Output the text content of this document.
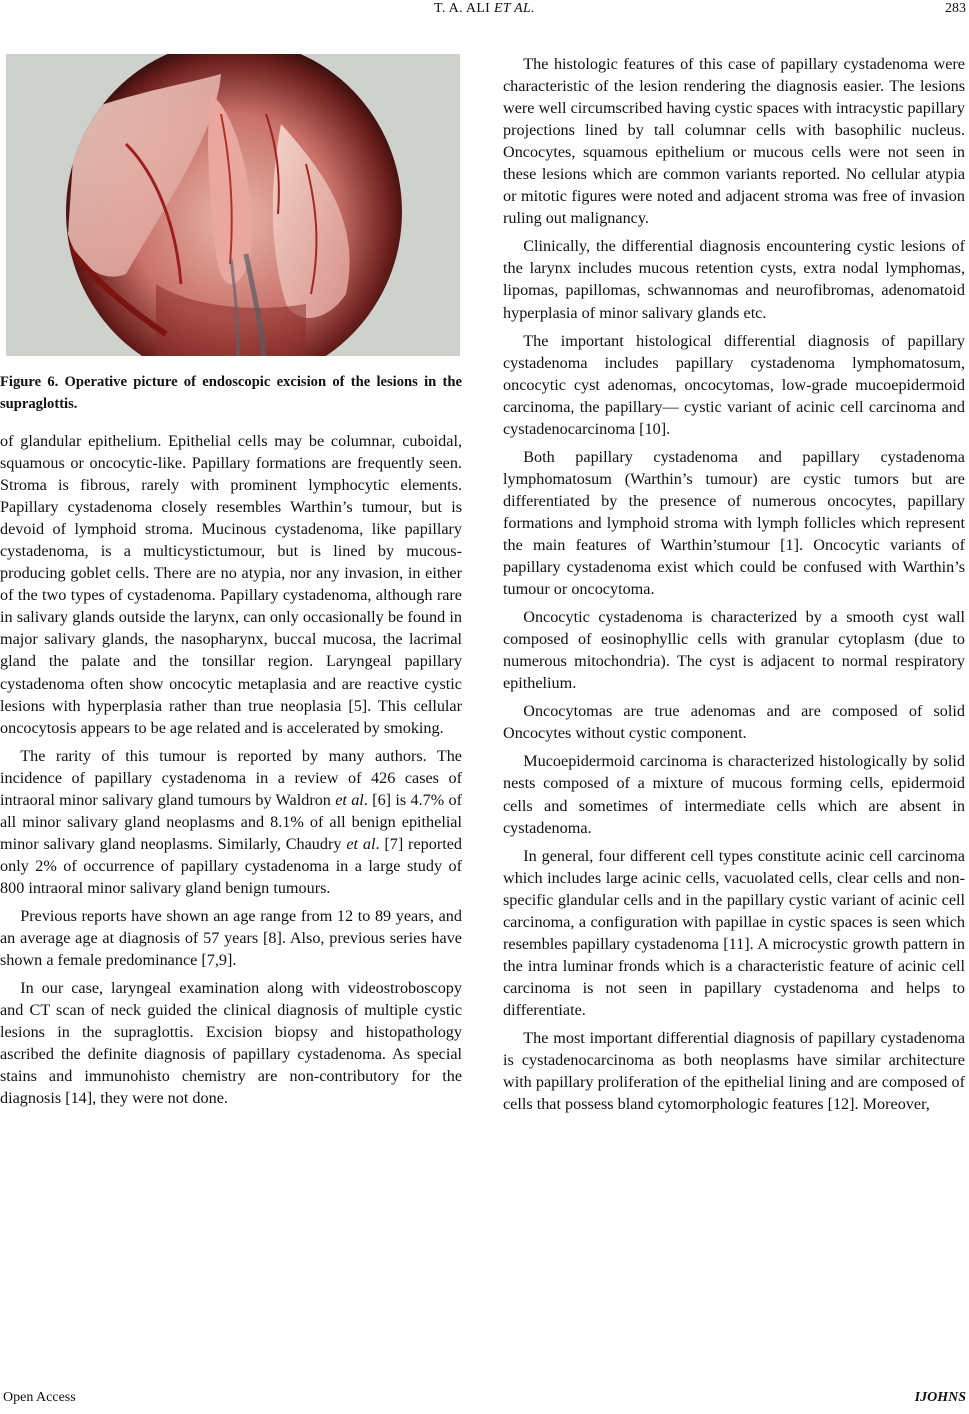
T. A. ALI ET AL.	283
Figure 6. Operative picture of endoscopic excision of the lesions in the supraglottis.

of glandular epithelium. Epithelial cells may be columnar, cuboidal, squamous or oncocytic-like. Papillary formations are frequently seen. Stroma is fibrous, rarely with prominent lymphocytic elements. Papillary cystadenoma closely resembles Warthin’s tumour, but is devoid of lymphoid stroma. Mucinous cystadenoma, like papillary cystadenoma, is a multicystictumour, but is lined by mucous-producing goblet cells. There are no atypia, nor any invasion, in either of the two types of cystadenoma. Papillary cystadenoma, although rare in salivary glands outside the larynx, can only occasionally be found in major salivary glands, the nasopharynx, buccal mucosa, the lacrimal gland the palate and the tonsillar region. Laryngeal papillary cystadenoma often show oncocytic metaplasia and are reactive cystic lesions with hyperplasia rather than true neoplasia [5]. This cellular oncocytosis appears to be age related and is accelerated by smoking.

The rarity of this tumour is reported by many authors. The incidence of papillary cystadenoma in a review of 426 cases of intraoral minor salivary gland tumours by Waldron et al. [6] is 4.7% of all minor salivary gland neoplasms and 8.1% of all benign epithelial minor salivary gland neoplasms. Similarly, Chaudry et al. [7] reported only 2% of occurrence of papillary cystadenoma in a large study of 800 intraoral minor salivary gland benign tumours.

Previous reports have shown an age range from 12 to 89 years, and an average age at diagnosis of 57 years [8]. Also, previous series have shown a female predominance [7,9].

In our case, laryngeal examination along with videostroboscopy and CT scan of neck guided the clinical diagnosis of multiple cystic lesions in the supraglottis. Excision biopsy and histopathology ascribed the definite diagnosis of papillary cystadenoma. As special stains and immunohisto chemistry are non-contributory for the diagnosis [14], they were not done.

The histologic features of this case of papillary cystadenoma were characteristic of the lesion rendering the diagnosis easier. The lesions were well circumscribed having cystic spaces with intracystic papillary projections lined by tall columnar cells with basophilic nucleus. Oncocytes, squamous epithelium or mucous cells were not seen in these lesions which are common variants reported. No cellular atypia or mitotic figures were noted and adjacent stroma was free of invasion ruling out malignancy.

Clinically, the differential diagnosis encountering cystic lesions of the larynx includes mucous retention cysts, extra nodal lymphomas, lipomas, papillomas, schwannomas and neurofibromas, adenomatoid hyperplasia of minor salivary glands etc.

The important histological differential diagnosis of papillary cystadenoma includes papillary cystadenoma lymphomatosum, oncocytic cyst adenomas, oncocytomas, low-grade mucoepidermoid carcinoma, the papillary— cystic variant of acinic cell carcinoma and cystadenocarcinoma [10].

Both papillary cystadenoma and papillary cystadenoma lymphomatosum (Warthin’s tumour) are cystic tumors but are differentiated by the presence of numerous oncocytes, papillary formations and lymphoid stroma with lymph follicles which represent the main features of Warthin’stumour [1]. Oncocytic variants of papillary cystadenoma exist which could be confused with Warthin’s tumour or oncocytoma.

Oncocytic cystadenoma is characterized by a smooth cyst wall composed of eosinophyllic cells with granular cytoplasm (due to numerous mitochondria). The cyst is adjacent to normal respiratory epithelium.

Oncocytomas are true adenomas and are composed of solid Oncocytes without cystic component.

Mucoepidermoid carcinoma is characterized histologically by solid nests composed of a mixture of mucous forming cells, epidermoid cells and sometimes of intermediate cells which are absent in cystadenoma.

In general, four different cell types constitute acinic cell carcinoma which includes large acinic cells, vacuolated cells, clear cells and non-specific glandular cells and in the papillary cystic variant of acinic cell carcinoma, a configuration with papillae in cystic spaces is seen which resembles papillary cystadenoma [11]. A microcystic growth pattern in the intra luminar fronds which is a characteristic feature of acinic cell carcinoma is not seen in papillary cystadenoma and helps to differentiate.

The most important differential diagnosis of papillary cystadenoma is cystadenocarcinoma as both neoplasms have similar architecture with papillary proliferation of the epithelial lining and are composed of cells that possess bland cytomorphologic features [12]. Moreover,

Open Access	IJOHNS
